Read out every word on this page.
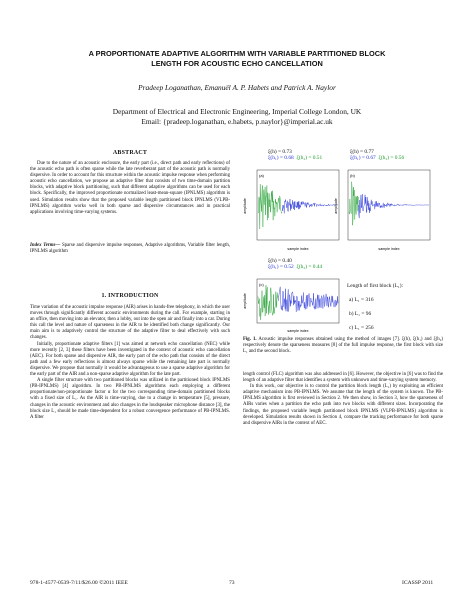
A PROPORTIONATE ADAPTIVE ALGORITHM WITH VARIABLE PARTITIONED BLOCK
LENGTH FOR ACOUSTIC ECHO CANCELLATION
Pradeep Loganathan, Emanuël A. P. Habets and Patrick A. Naylor
Department of Electrical and Electronic Engineering, Imperial College London, UK
Email: {pradeep.loganathan, e.habets, p.naylor}@imperial.ac.uk
ABSTRACT

Due to the nature of an acoustic enclosure, the early part (i.e., direct path and early reflections) of the acoustic echo path is often sparse while the late reverberant part of the acoustic path is normally dispersive. In order to account for this structure within the acoustic impulse response when performing acoustic echo cancellation, we propose an adaptive filter that consists of two time-domain partition blocks, with adaptive block partitioning, such that different adaptive algorithms can be used for each block. Specifically, the improved proportionate normalized least-mean-square (IPNLMS) algorithm is used. Simulation results show that the proposed variable length partitioned block IPNLMS (VLPB-IPNLMS) algorithm works well in both sparse and dispersive circumstances and in practical applications involving time-varying systems.

Index Terms— Sparse and dispersive impulse responses, Adaptive algorithms, Variable filter length, IPNLMS algorithm
1. INTRODUCTION

Time variation of the acoustic impulse response (AIR) arises in hands-free telephony, in which the user moves through significantly different acoustic environments during the call. For example, starting in an office, then moving into an elevator, then a lobby, out into the open air and finally into a car. During this call the level and nature of sparseness in the AIR to be identified both change significantly. Our main aim is to adaptively control the structure of the adaptive filter to deal effectively with such changes.

Initially, proportionate adaptive filters [1] was aimed at network echo cancellation (NEC) while more recently [2, 3] these filters have been investigated in the context of acoustic echo cancellation (AEC). For both sparse and dispersive AIR, the early part of the echo path that consists of the direct path and a few early reflections is almost always sparse while the remaining late part is normally dispersive. We propose that normally it would be advantageous to use a sparse adaptive algorithm for the early part of the AIR and a non-sparse adaptive algorithm for the late part.

A single filter structure with two partitioned blocks was utilized in the partitioned block IPNLMS (PB-IPNLMS) [4] algorithm. In two PB-IPNLMS algorithms each employing a different proportionate/non-proportionate factor α for the two corresponding time-domain partitioned blocks with a fixed size of L₁. As the AIR is time-varying, due to a change in temperature [5], pressure, changes in the acoustic environment and also changes in the loudspeaker microphone distance [3], the block size L₁ should be made time-dependent for a robust convergence performance of PB-IPNLMS. A filter

ξ(h) = 0.73
ξ(h₁) = 0.68 ξ(h₂) = 0.51
ξ(h) = 0.77
ξ(h₁) = 0.67 ξ(h₂) = 0.56
(a)
sample index
amplitude
(b)
sample index
amplitude
ξ(h) = 0.40
ξ(h₁) = 0.52 ξ(h₂) = 0.44
(c)
sample index
amplitude
Length of first block (L₁):
a) L₁ = 316
b) L₁ = 96
c) L₁ = 256

Fig. 1. Acoustic impulse responses obtained using the method of images [7]. ξ(h), ξ(h₁) and ξ(h₂) respectively denote the sparseness measures [8] of the full impulse response, the first block with size L₁ and the second block.

length control (FLC) algorithm was also addressed in [6]. However, the objective in [6] was to find the length of an adaptive filter that identifies a system with unknown and time-varying system memory.

In this work, our objective is to control the partition block length (L₁) by exploiting an efficient adaptive mechanism into PB-IPNLMS. We assume that the length of the system is known. The PB-IPNLMS algorithm is first reviewed in Section 2. We then show, in Section 3, how the sparseness of AIRs varies when a partition the echo path into two blocks with different sizes. Incorporating the findings, the proposed variable length partitioned block IPNLMS (VLPB-IPNLMS) algorithm is developed. Simulation results shown in Section 4, compare the tracking performance for both sparse and dispersive AIRs in the context of AEC.

978-1-4577-0539-7/11/$26.00 ©2011 IEEE	73	ICASSP 2011
